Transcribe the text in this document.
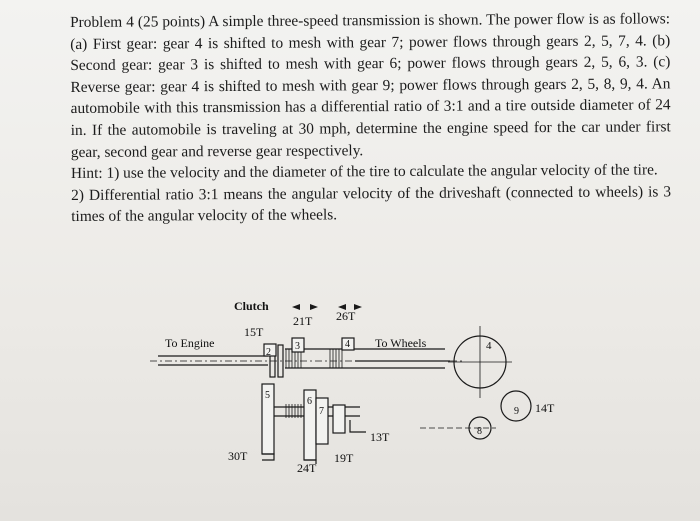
Problem 4 (25 points) A simple three-speed transmission is shown. The power flow is as follows: (a) First gear: gear 4 is shifted to mesh with gear 7; power flows through gears 2, 5, 7, 4. (b) Second gear: gear 3 is shifted to mesh with gear 6; power flows through gears 2, 5, 6, 3. (c) Reverse gear: gear 4 is shifted to mesh with gear 9; power flows through gears 2, 5, 8, 9, 4. An automobile with this transmission has a differential ratio of 3:1 and a tire outside diameter of 24 in. If the automobile is traveling at 30 mph, determine the engine speed for the car under first gear, second gear and reverse gear respectively.

Hint: 1) use the velocity and the diameter of the tire to calculate the angular velocity of the tire.

2) Differential ratio 3:1 means the angular velocity of the driveshaft (connected to wheels) is 3 times of the angular velocity of the wheels.

Clutch
15T
21T 26T
To Engine	To Wheels
2
3	4	4
5
6
7
8
9 14T
13T
30T	19T
24T
